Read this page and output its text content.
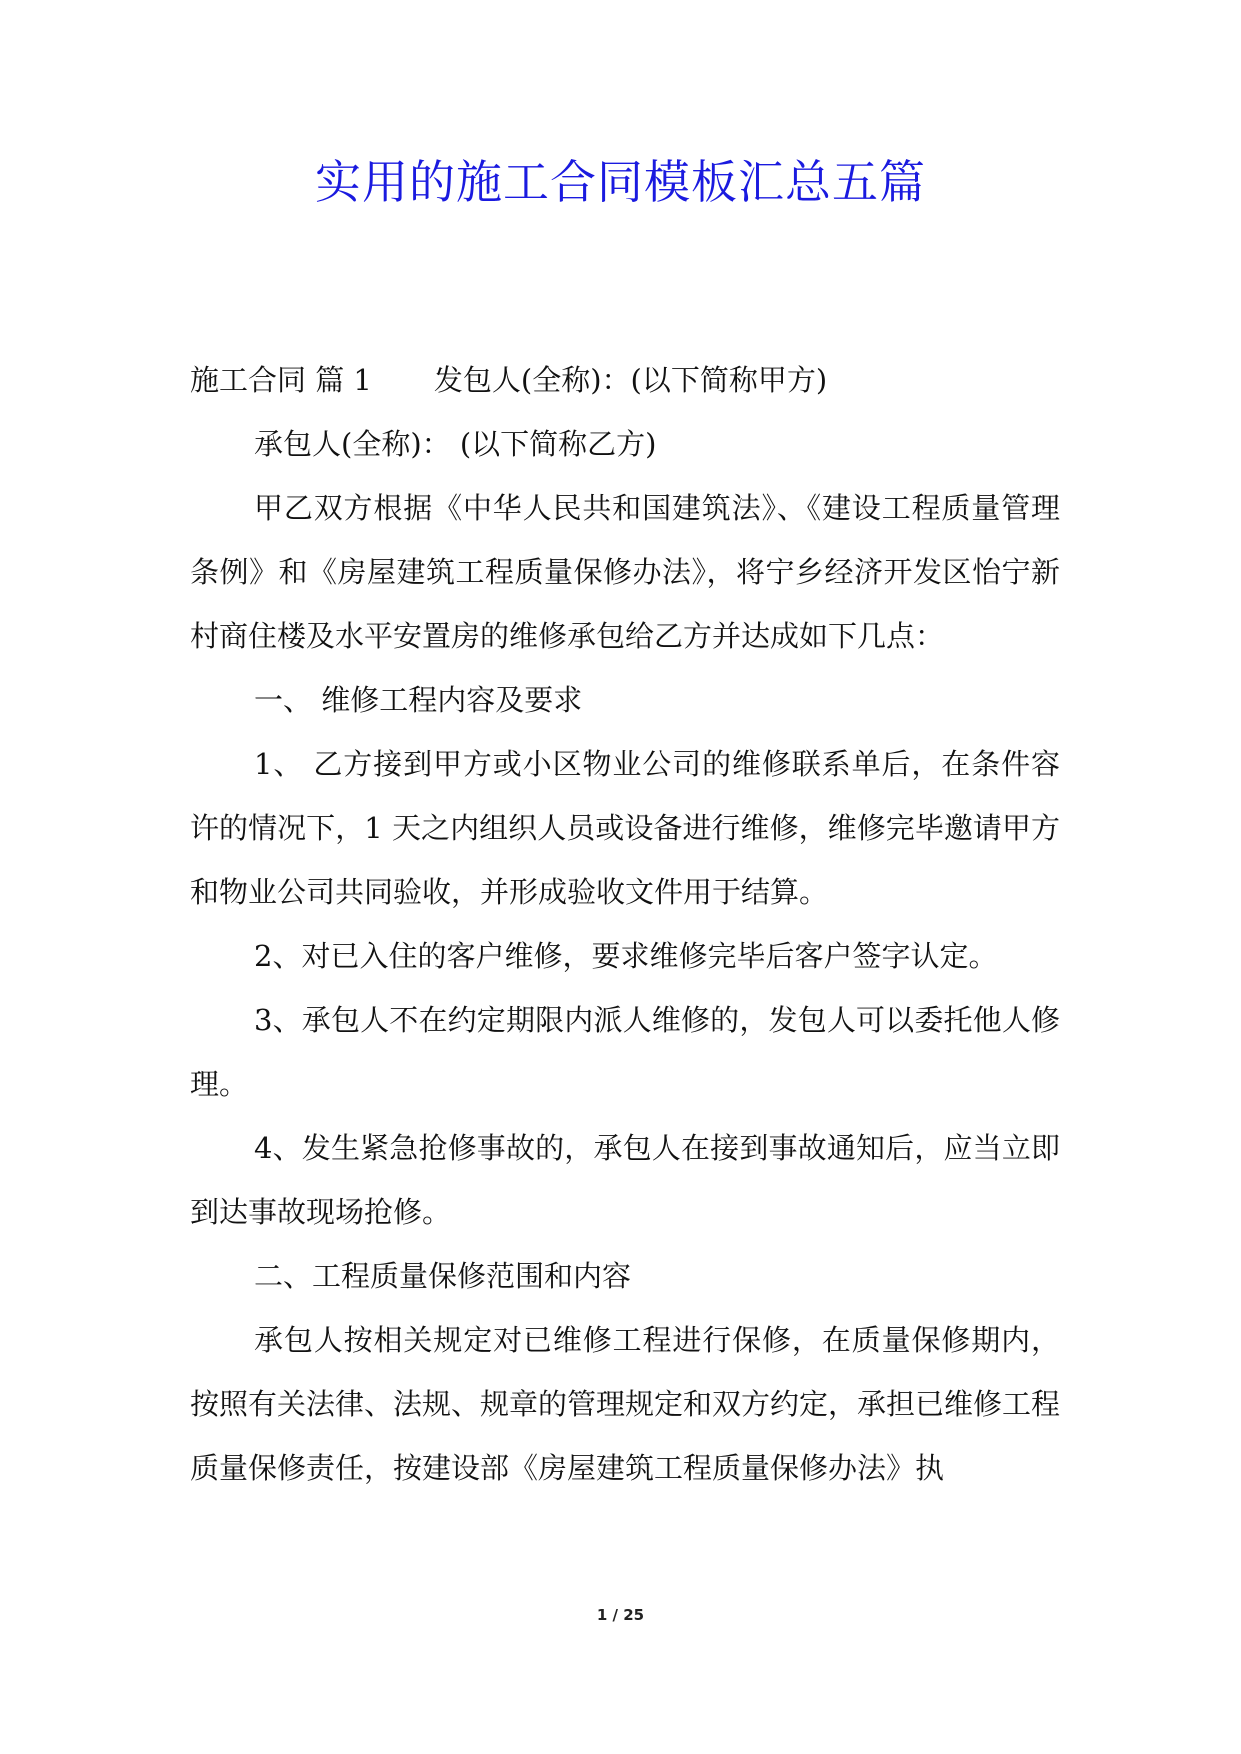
实用的施工合同模板汇总五篇

施工合同 篇 1 发包人(全称)：(以下简称甲方)

承包人(全称)： (以下简称乙方)

甲乙双方根据《中华人民共和国建筑法》、《建设工程质量管理条例》和《房屋建筑工程质量保修办法》，将宁乡经济开发区怡宁新村商住楼及水平安置房的维修承包给乙方并达成如下几点：

一、 维修工程内容及要求

1、 乙方接到甲方或小区物业公司的维修联系单后，在条件容许的情况下，1 天之内组织人员或设备进行维修，维修完毕邀请甲方和物业公司共同验收，并形成验收文件用于结算。

2、对已入住的客户维修，要求维修完毕后客户签字认定。

3、承包人不在约定期限内派人维修的，发包人可以委托他人修理。

4、发生紧急抢修事故的，承包人在接到事故通知后，应当立即到达事故现场抢修。

二、工程质量保修范围和内容

承包人按相关规定对已维修工程进行保修，在质量保修期内，按照有关法律、法规、规章的管理规定和双方约定，承担已维修工程质量保修责任，按建设部《房屋建筑工程质量保修办法》执

1 / 25
